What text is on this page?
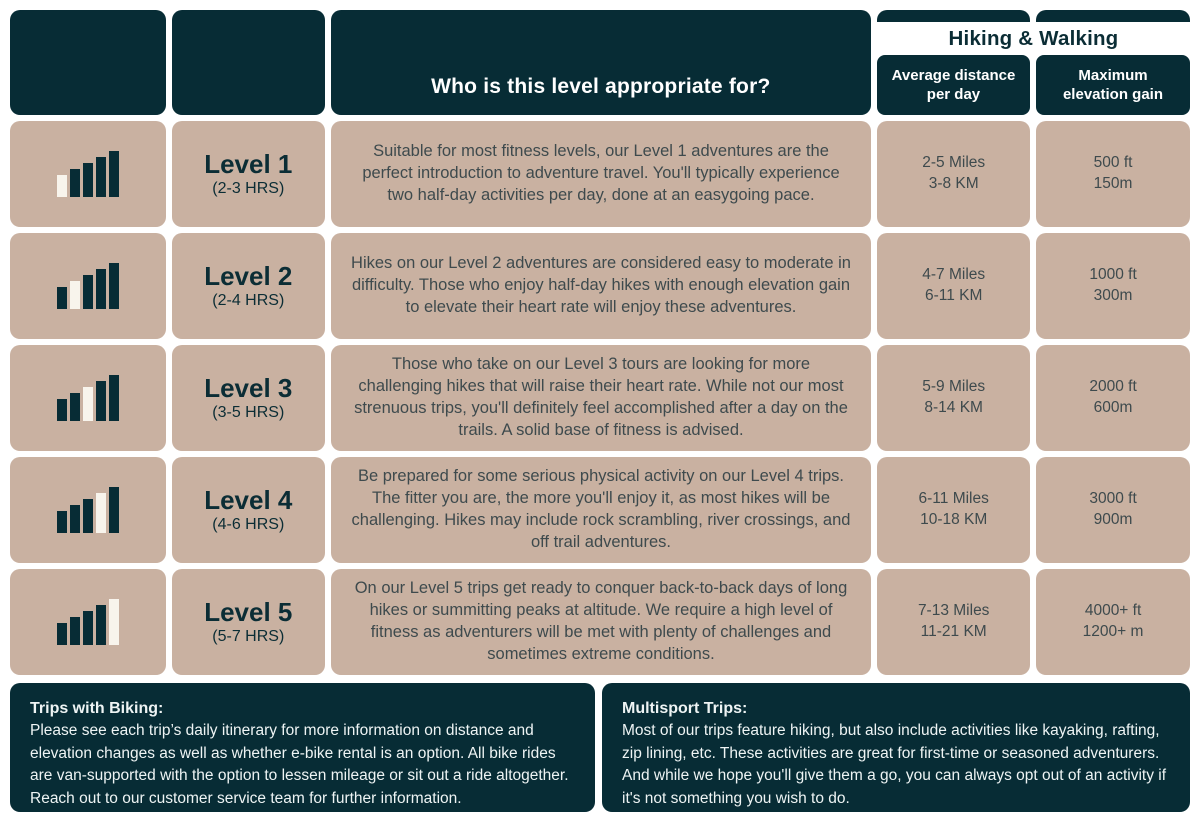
Who is this level appropriate for?	Average distance
per day
Maximum
elevation gain
Hiking & Walking
Level 1
(2-3 HRS)
Suitable for most fitness levels, our Level 1 adventures are the perfect introduction to adventure travel. You'll typically experience two half-day activities per day, done at an easygoing pace.
2-5 Miles
3-8 KM
500 ft
150m
Level 2
(2-4 HRS)
Hikes on our Level 2 adventures are considered easy to moderate in difficulty. Those who enjoy half-day hikes with enough elevation gain to elevate their heart rate will enjoy these adventures.
4-7 Miles
6-11 KM
1000 ft
300m
Level 3
(3-5 HRS)
Those who take on our Level 3 tours are looking for more challenging hikes that will raise their heart rate. While not our most strenuous trips, you'll definitely feel accomplished after a day on the trails. A solid base of fitness is advised.
5-9 Miles
8-14 KM
2000 ft
600m
Level 4
(4-6 HRS)
Be prepared for some serious physical activity on our Level 4 trips. The fitter you are, the more you'll enjoy it, as most hikes will be challenging. Hikes may include rock scrambling, river crossings, and off trail adventures.
6-11 Miles
10-18 KM
3000 ft
900m
Level 5
(5-7 HRS)
On our Level 5 trips get ready to conquer back-to-back days of long hikes or summitting peaks at altitude. We require a high level of fitness as adventurers will be met with plenty of challenges and sometimes extreme conditions.
7-13 Miles
11-21 KM
4000+ ft
1200+ m
Trips with Biking:
Please see each trip’s daily itinerary for more information on distance and elevation changes as well as whether e-bike rental is an option. All bike rides are van-supported with the option to lessen mileage or sit out a ride altogether. Reach out to our customer service team for further information.
Multisport Trips:
Most of our trips feature hiking, but also include activities like kayaking, rafting, zip lining, etc. These activities are great for first-time or seasoned adventurers. And while we hope you'll give them a go, you can always opt out of an activity if it's not something you wish to do.
